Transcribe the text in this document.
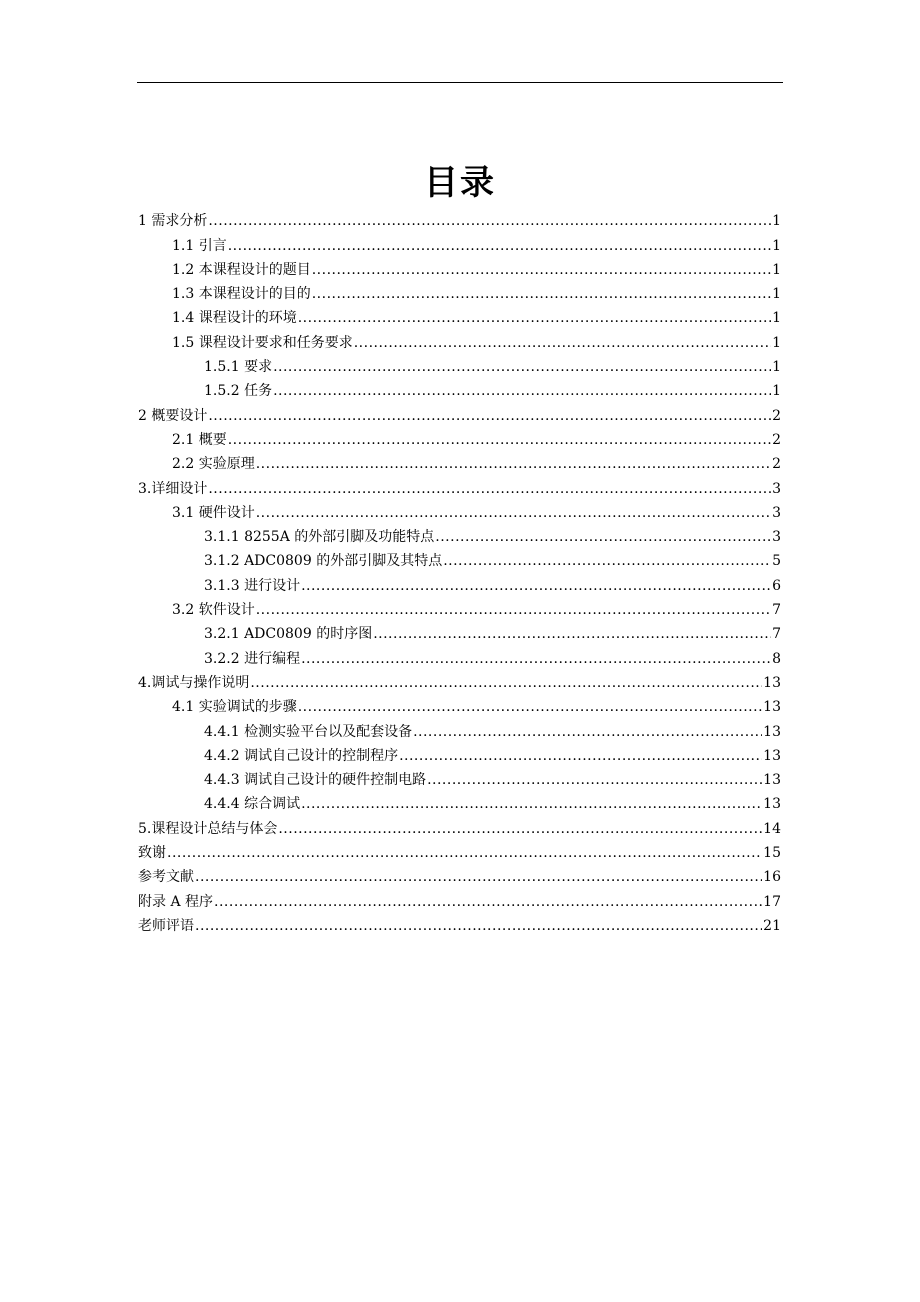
目录
1 需求分析 .....	1
1.1 引言 .....	1
1.2 本课程设计的题目 .....	1
1.3 本课程设计的目的 .....	1
1.4 课程设计的环境 .....	1
1.5 课程设计要求和任务要求 .....	1
1.5.1 要求 .....	1
1.5.2 任务 .....	1
2 概要设计 .....	2
2.1 概要 .....	2
2.2 实验原理 .....	2
3.详细设计 .....	3
3.1 硬件设计 .....	3
3.1.1 8255A 的外部引脚及功能特点 .....	3
3.1.2 ADC0809 的外部引脚及其特点 .....	5
3.1.3 进行设计 .....	6
3.2 软件设计 .....	7
3.2.1 ADC0809 的时序图 .....	7
3.2.2 进行编程 .....	8
4.调试与操作说明 .....	13
4.1 实验调试的步骤 .....	13
4.4.1 检测实验平台以及配套设备 .....	13
4.4.2 调试自己设计的控制程序 .....	13
4.4.3 调试自己设计的硬件控制电路 .....	13
4.4.4 综合调试 .....	13
5.课程设计总结与体会 .....	14
致谢 .....	15
参考文献 .....	16
附录 A 程序 .....	17
老师评语 .....	21
